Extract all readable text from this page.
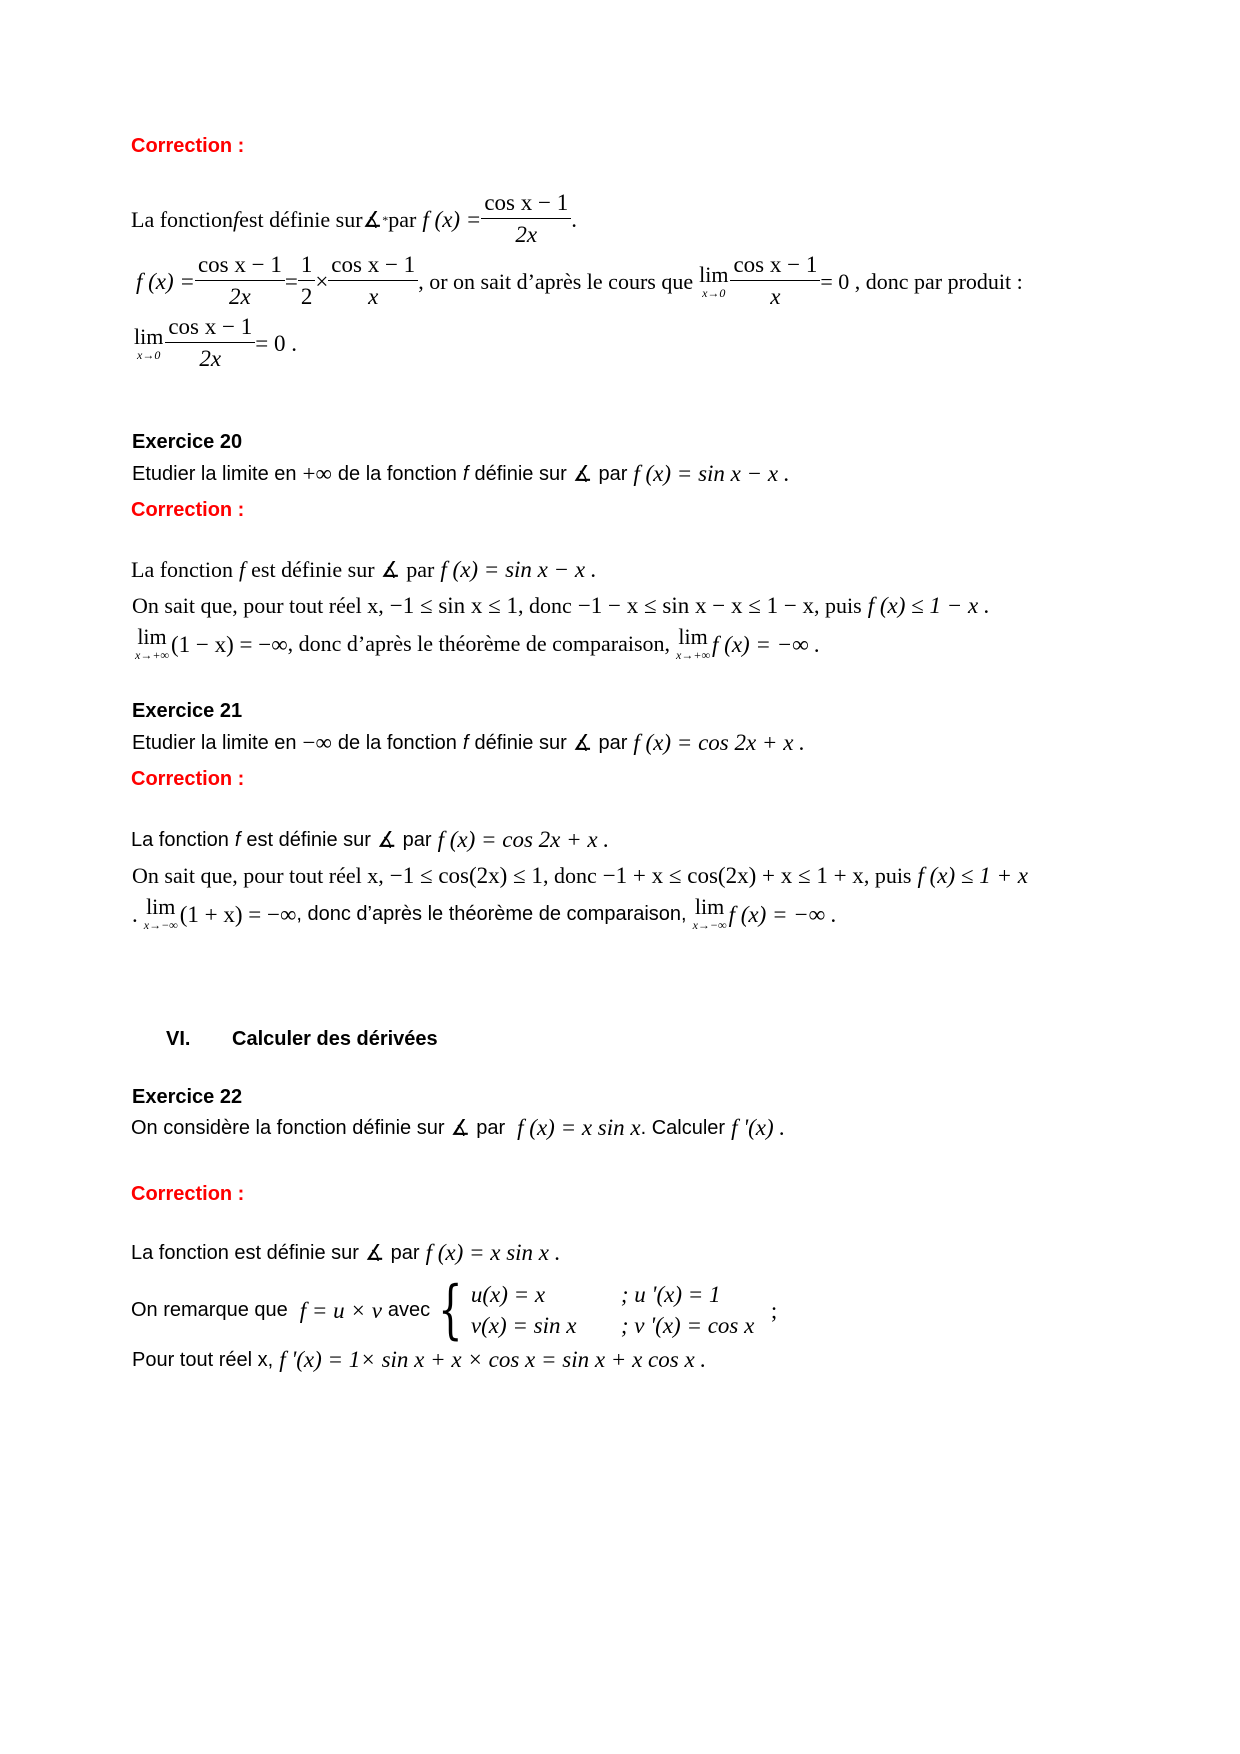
Correction :
La fonction f est définie sur ∡ * par f $(x) = \frac{\text{cos x − 1}}{2x}$ .
f $(x) = \frac{\text{cos x − 1}}{2x} = \frac{1}{2} \times \frac{\text{cos x − 1}}{x}$ , or on sait d’après le cours que lim
$x\to 0 \frac{\text{cos x − 1}}{x} = 0$ , donc par produit :
lim
$x\to 0 \frac{\text{cos x − 1}}{2x} = 0$ .
Exercice 20
Etudier la limite en +∞ de la fonction f définie sur ∡ par f (x) = sin x − x .
Correction :
La fonction f est définie sur ∡ par f (x) = sin x − x .
On sait que, pour tout réel x, −1 ≤ sin x ≤ 1 , donc −1 − x ≤ sin x − x ≤ 1 − x , puis f (x) ≤ 1 − x .
lim
x→+∞ (1 − x) = −∞ , donc d’après le théorème de comparaison, lim
x→+∞ f (x) = −∞ .
Exercice 21
Etudier la limite en −∞ de la fonction f définie sur ∡ par f (x) = cos 2x + x .
Correction :
La fonction f est définie sur ∡ par f (x) = cos 2x + x .
On sait que, pour tout réel x, −1 ≤ cos(2x) ≤ 1 , donc −1 + x ≤ cos(2x) + x ≤ 1 + x , puis f (x) ≤ 1 + x
. lim
x→−∞ (1 + x) = −∞ , donc d’après le théorème de comparaison, lim
x→−∞ f (x) = −∞ .
VI. Calculer des dérivées
Exercice 22
On considère la fonction définie sur ∡ par f (x) = x sin x . Calculer f '(x) .
Correction :
La fonction est définie sur ∡ par f (x) = x sin x .
On remarque que f = u × v avec { u(x) = x	; u '(x) = 1
v(x) = sin x	; v '(x) = cos x
;
Pour tout réel x, f '(x) = 1× sin x + x × cos x = sin x + x cos x .
